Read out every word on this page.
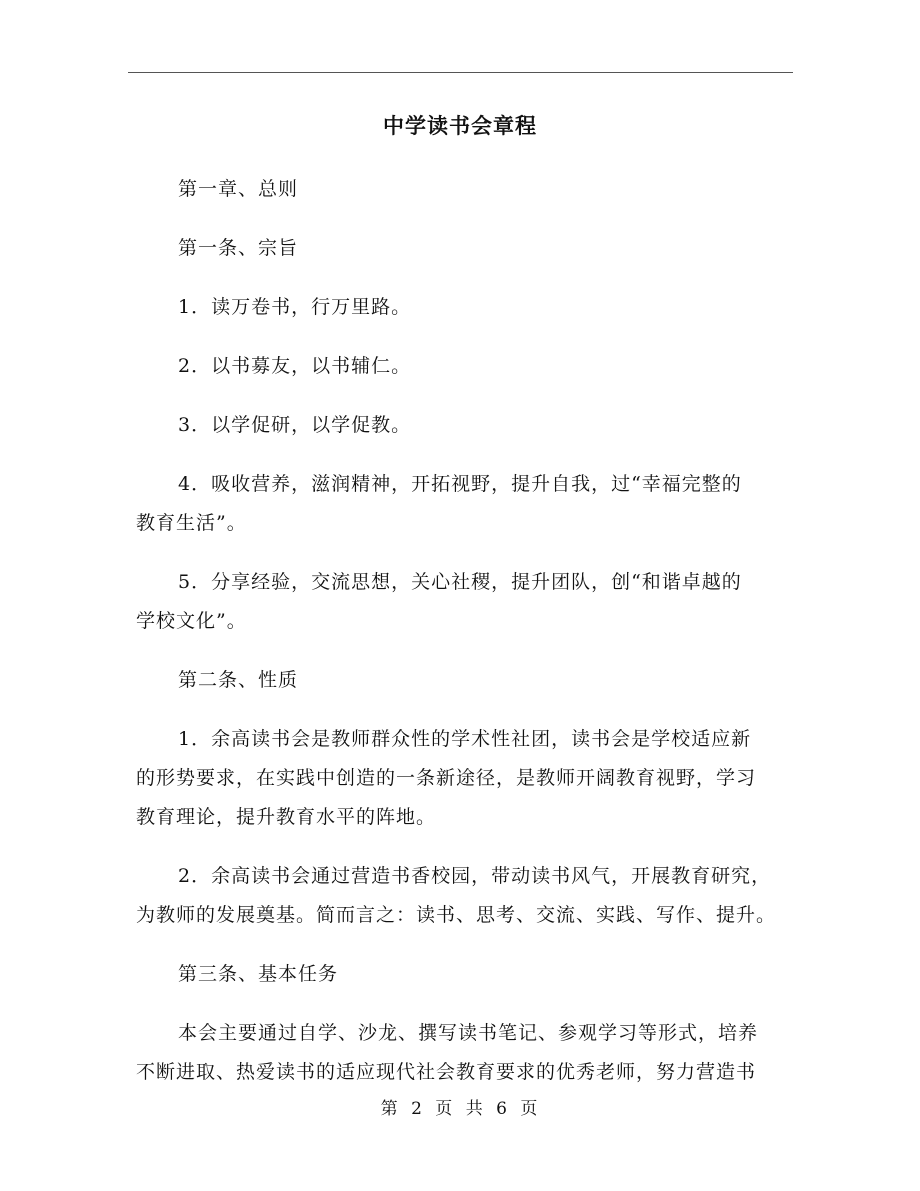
中学读书会章程
第一章、总则
第一条、宗旨
1．读万卷书，行万里路。
2．以书募友，以书辅仁。
3．以学促研，以学促教。
4．吸收营养，滋润精神，开拓视野，提升自我，过“幸福完整的
教育生活”。
5．分享经验，交流思想，关心社稷，提升团队，创“和谐卓越的
学校文化”。
第二条、性质
1．余高读书会是教师群众性的学术性社团，读书会是学校适应新
的形势要求，在实践中创造的一条新途径，是教师开阔教育视野，学习
教育理论，提升教育水平的阵地。
2．余高读书会通过营造书香校园，带动读书风气，开展教育研究，
为教师的发展奠基。简而言之：读书、思考、交流、实践、写作、提升。
第三条、基本任务
本会主要通过自学、沙龙、撰写读书笔记、参观学习等形式，培养
不断进取、热爱读书的适应现代社会教育要求的优秀老师，努力营造书
第 2 页 共 6 页
